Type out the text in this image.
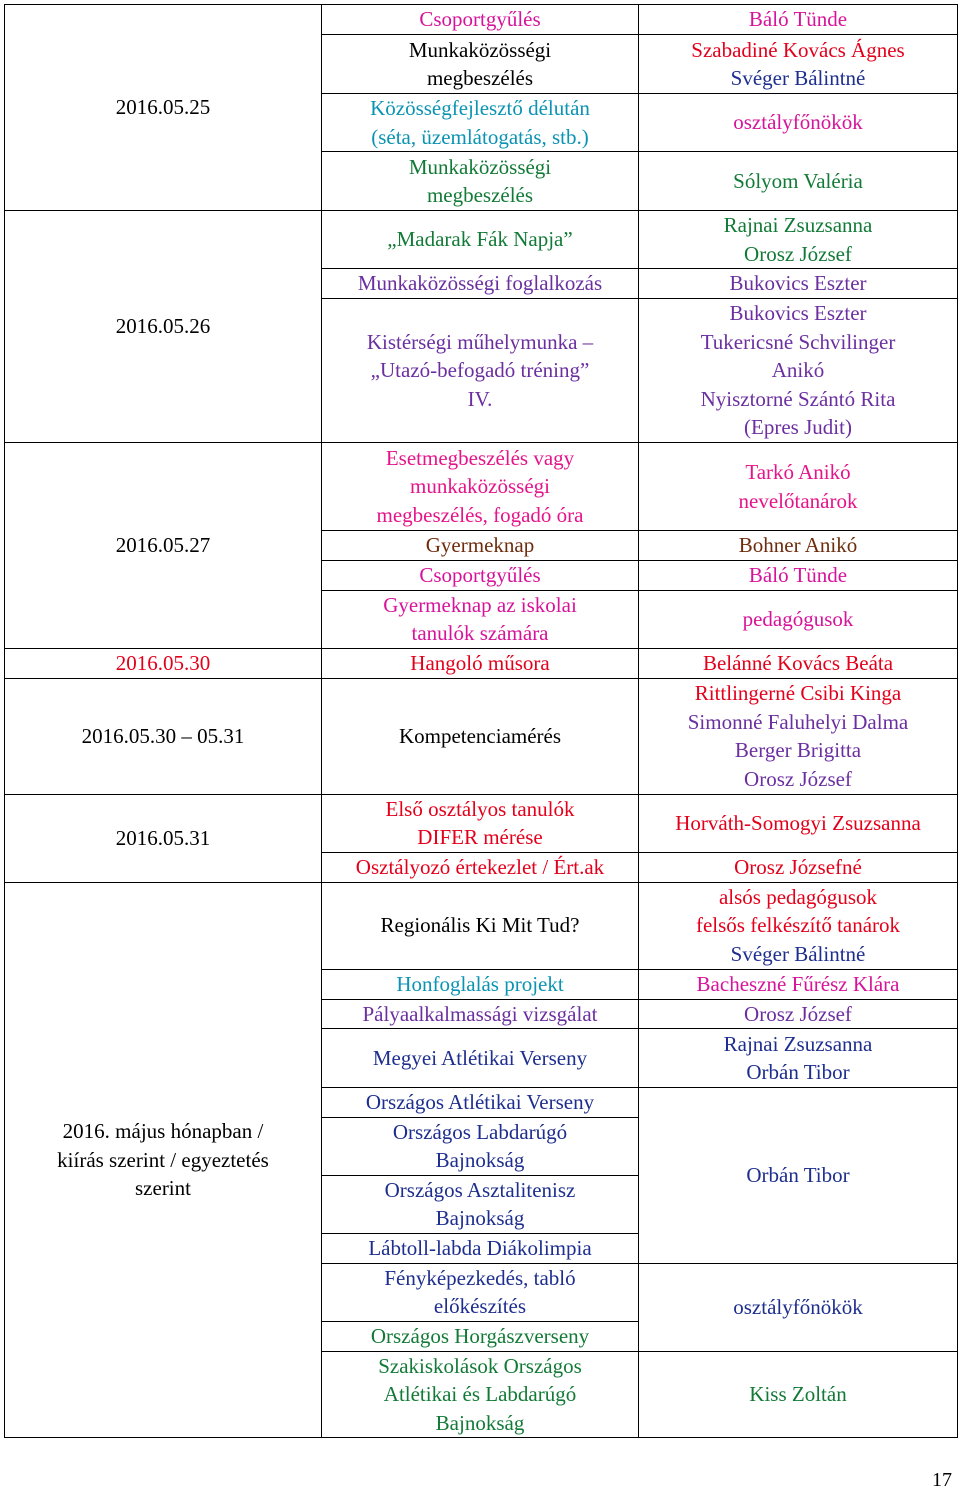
2016.05.25	Csoportgyűlés	Báló Tünde

	Munkaközösségi
megbeszélés	Szabadiné Kovács Ágnes
Svéger Bálintné

	Közösségfejlesztő délután
(séta, üzemlátogatás, stb.)	osztályfőnökök

	Munkaközösségi
megbeszélés	Sólyom Valéria
2016.05.26	„Madarak Fák Napja”	Rajnai Zsuzsanna
Orosz József

	Munkaközösségi foglalkozás	Bukovics Eszter

	Kistérségi műhelymunka –
„Utazó-befogadó tréning”
IV.	Bukovics Eszter
Tukericsné Schvilinger
Anikó
Nyisztorné Szántó Rita
(Epres Judit)

2016.05.27	Esetmegbeszélés vagy
munkaközösségi
megbeszélés, fogadó óra	Tarkó Anikó
nevelőtanárok

	Gyermeknap	Bohner Anikó
	Csoportgyűlés	Báló Tünde

	Gyermeknap az iskolai
tanulók számára	pedagógusok
2016.05.30	Hangoló műsora	Belánné Kovács Beáta
2016.05.30 – 05.31	Kompetenciamérés	Rittlingerné Csibi Kinga
Simonné Faluhelyi Dalma
Berger Brigitta
Orosz József

2016.05.31	Első osztályos tanulók
DIFER mérése	Horváth-Somogyi Zsuzsanna
	Osztályozó értekezlet / Ért.ak	Orosz Józsefné

2016. május hónapban /
kiírás szerint / egyeztetés
szerint	Regionális Ki Mit Tud?	alsós pedagógusok
felsős felkészítő tanárok
Svéger Bálintné

	Honfoglalás projekt	Bacheszné Fűrész Klára
	Pályaalkalmassági vizsgálat	Orosz József
	Megyei Atlétikai Verseny	Rajnai Zsuzsanna
Orbán Tibor

	Országos Atlétikai Verseny	Orbán Tibor

	Országos Labdarúgó
Bajnokság	

	Országos Asztalitenisz
Bajnokság	

	Lábtoll-labda Diákolimpia	

	Fényképezkedés, tabló
előkészítés	osztályfőnökök
	Országos Horgászverseny	

	Szakiskolások Országos
Atlétikai és Labdarúgó
Bajnokság	Kiss Zoltán
17
